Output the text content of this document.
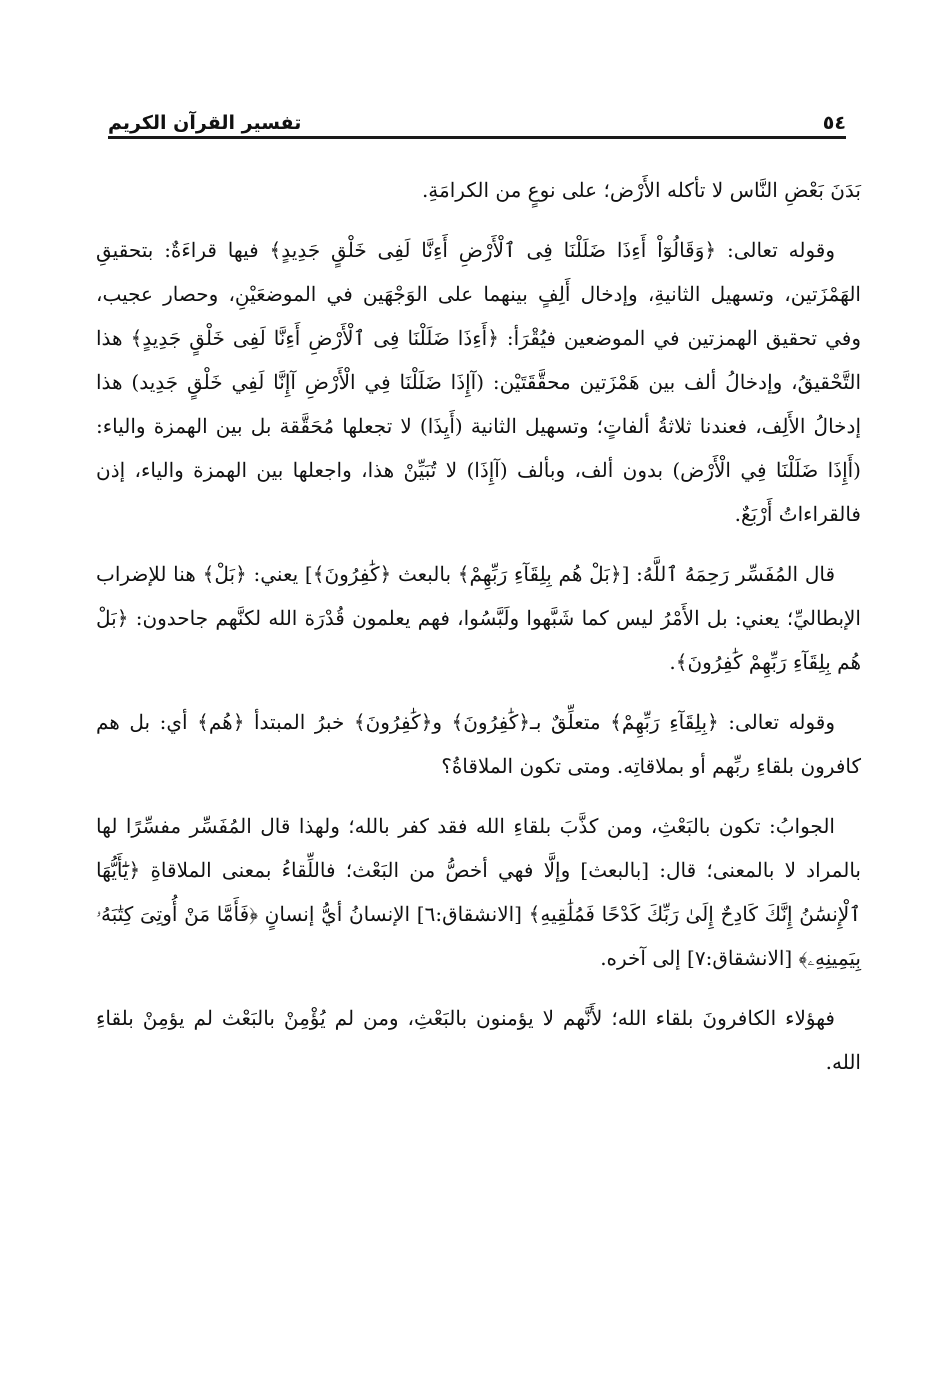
٥٤
تفسير القرآن الكريم

بَدَنَ بَعْضِ النَّاس لا تأكله الأَرْض؛ على نوعٍ من الكرامَةِ.

وقوله تعالى: ﴿وَقَالُوٓاْ أَءِذَا ضَلَلْنَا فِى ٱلْأَرْضِ أَءِنَّا لَفِى خَلْقٍ جَدِيدٍ﴾ فيها قراءَةٌ: بتحقيقِ الهَمْزَتين، وتسهيل الثانيةِ، وإدخال أَلِفٍ بينهما على الوَجْهَين في الموضعَيْنِ، وحصار عجيب، وفي تحقيق الهمزتين في الموضعين فيُقْرَأ: ﴿أَءِذَا ضَلَلْنَا فِى ٱلْأَرْضِ أَءِنَّا لَفِى خَلْقٍ جَدِيدٍ﴾ هذا التَّحْقيقُ، وإدخالُ ألف بين هَمْزَتين محقَّقَتَيْن: (آإِذَا ضَلَلْنَا فِي الْأَرْضِ آإِنَّا لَفِي خَلْقٍ جَدِيد) هذا إدخالُ الأَلِف، فعندنا ثلاثةُ ألفاتٍ؛ وتسهيل الثانية (أَيِذَا) لا تجعلها مُحَقَّقة بل بين الهمزة والياء: (أَإِذَا ضَلَلْنَا فِي الْأَرْض) بدون ألف، وبألف (آإِذَا) لا تُبَيِّنْ هذا، واجعلها بين الهمزة والياء، إذن فالقراءاتُ أَرْبَعٌ.

قال المُفَسِّر رَحِمَهُ ٱللَّهُ: [﴿بَلْ هُم بِلِقَآءِ رَبِّهِمْ﴾ بالبعث ﴿كَٰفِرُونَ﴾] يعني: ﴿بَلْ﴾ هنا للإضراب الإبطاليِّ؛ يعني: بل الأَمْرُ ليس كما شَبَّهوا ولَبَّسُوا، فهم يعلمون قُدْرَة الله لكنَّهم جاحدون: ﴿بَلْ هُم بِلِقَآءِ رَبِّهِمْ كَٰفِرُونَ﴾.

وقوله تعالى: ﴿بِلِقَآءِ رَبِّهِمْ﴾ متعلِّقٌ بـ﴿كَٰفِرُونَ﴾ و﴿كَٰفِرُونَ﴾ خبرُ المبتدأ ﴿هُم﴾ أي: بل هم كافرون بلقاءِ ربِّهم أو بملاقاتِه. ومتى تكون الملاقاةُ؟

الجوابُ: تكون بالبَعْثِ، ومن كذَّبَ بلقاءِ الله فقد كفر بالله؛ ولهذا قال المُفَسِّر مفسِّرًا لها بالمراد لا بالمعنى؛ قال: [بالبعث] وإلَّا فهي أخصُّ من البَعْث؛ فاللِّقاءُ بمعنى الملاقاةِ ﴿يَٰٓأَيُّهَا ٱلْإِنسَٰنُ إِنَّكَ كَادِحٌ إِلَىٰ رَبِّكَ كَدْحًا فَمُلَٰقِيهِ﴾ [الانشقاق:٦] الإنسانُ أيُّ إنسانٍ ﴿فَأَمَّا مَنْ أُوتِىَ كِتَٰبَهُۥ بِيَمِينِهِۦ﴾ [الانشقاق:٧] إلى آخره.

فهؤلاء الكافرونَ بلقاء الله؛ لأَنَّهم لا يؤمنون بالبَعْثِ، ومن لم يُؤْمِنْ بالبَعْث لم يؤمِنْ بلقاءِ الله.
